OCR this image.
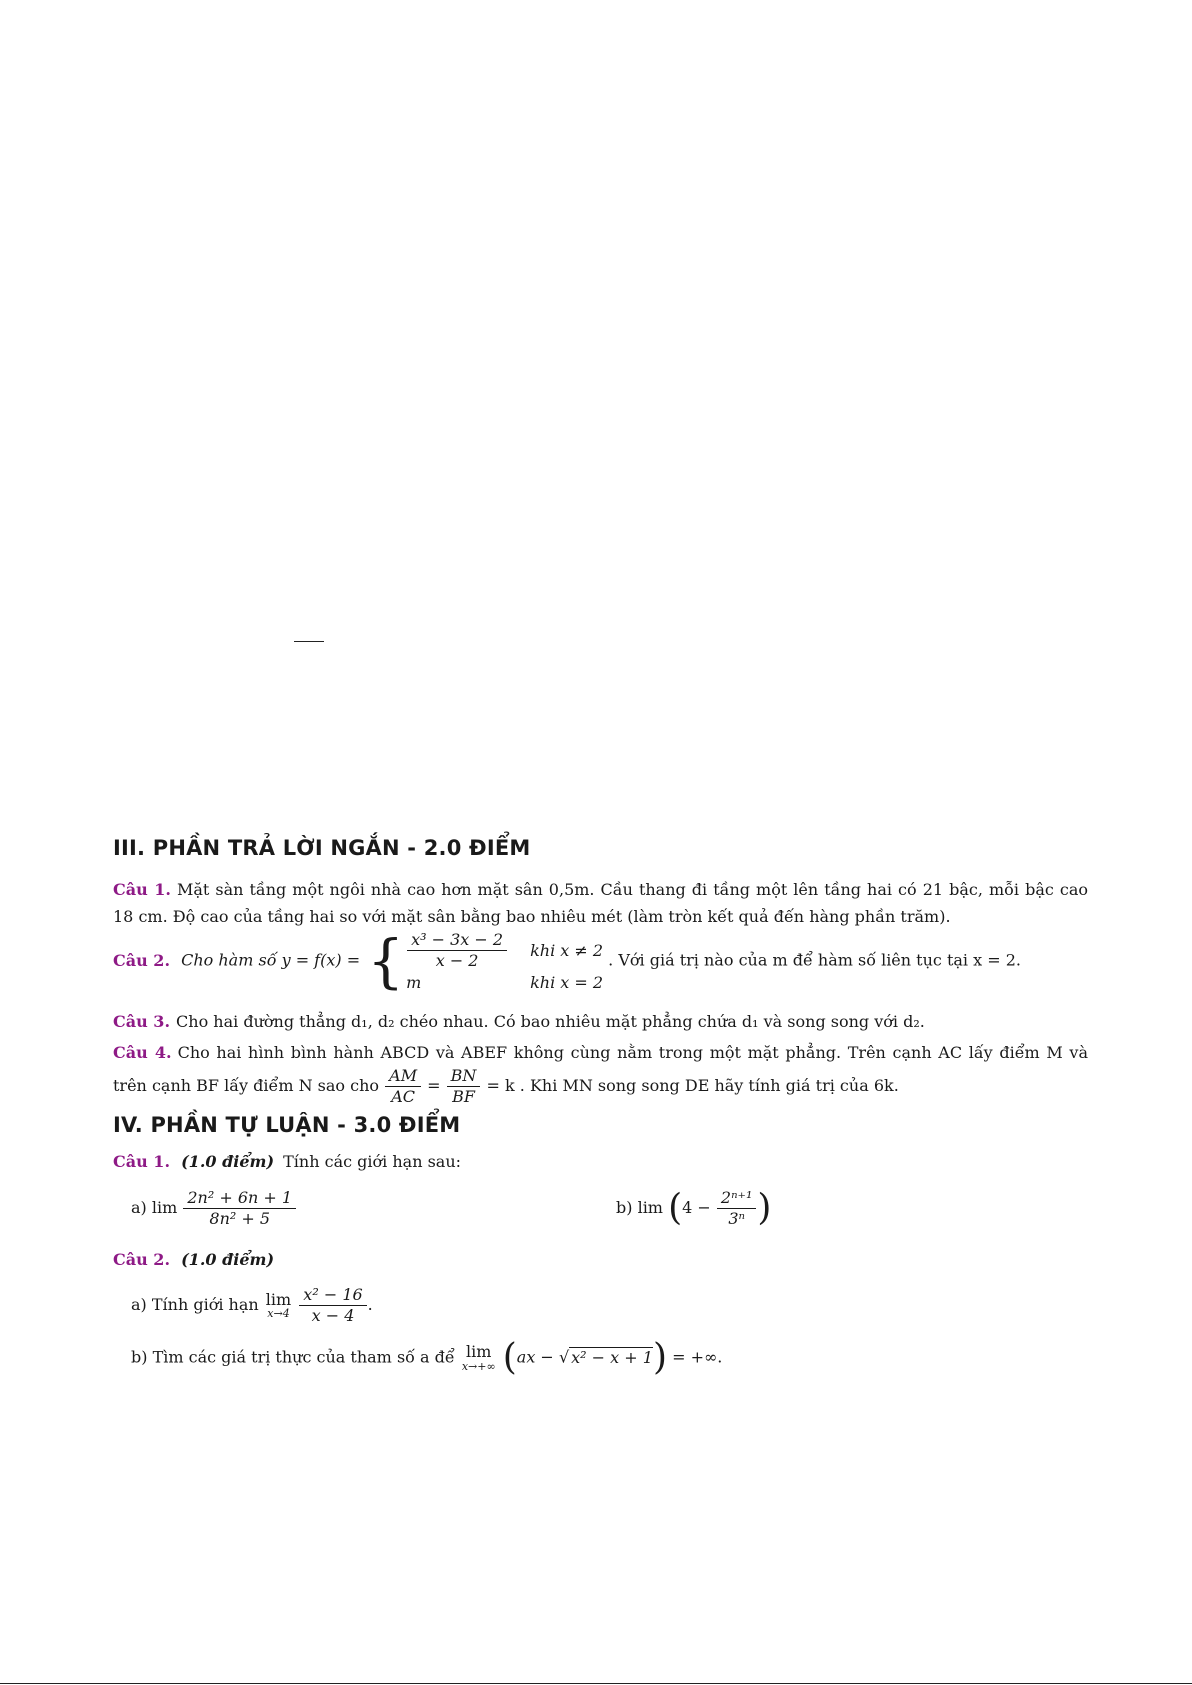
III. PHẦN TRẢ LỜI NGẮN - 2.0 ĐIỂM
Câu 1. Mặt sàn tầng một ngôi nhà cao hơn mặt sân 0,5m. Cầu thang đi tầng một lên tầng hai có 21 bậc, mỗi bậc cao 18 cm. Độ cao của tầng hai so với mặt sân bằng bao nhiêu mét (làm tròn kết quả đến hàng phần trăm).
Câu 2. Cho hàm số y = f(x) = { $\frac{\text{x³ − 3x − 2}}{x - 2}$ khi x ≠ 2
m	khi x = 2
. Với giá trị nào của m để hàm số liên tục tại x = 2.
Câu 3. Cho hai đường thẳng d₁, d₂ chéo nhau. Có bao nhiêu mặt phẳng chứa d₁ và song song với d₂.
Câu 4. Cho hai hình bình hành ABCD và ABEF không cùng nằm trong một mặt phẳng. Trên cạnh AC lấy điểm M và trên cạnh BF lấy điểm N sao cho $\frac{AM}{AC} = \frac{BN}{BF} = k$ . Khi MN song song DE hãy tính giá trị của 6k.
IV. PHẦN TỰ LUẬN - 3.0 ĐIỂM
Câu 1. (1.0 điểm) Tính các giới hạn sau:
a) $\lim \frac{\text{2n² + 6n + 1}}{\text{8n² + 5}}$	b) $\lim (4 - \frac{\text{2ⁿ⁺¹}}{\text{3ⁿ}}$ )
Câu 2. (1.0 điểm)
a) Tính giới hạn lim
x→4
$\frac{\text{x² − 16}}{x - 4}$ .
b) Tìm các giá trị thực của tham số a để lim
x→+∞ (ax − √ x² − x + 1) = +∞.
